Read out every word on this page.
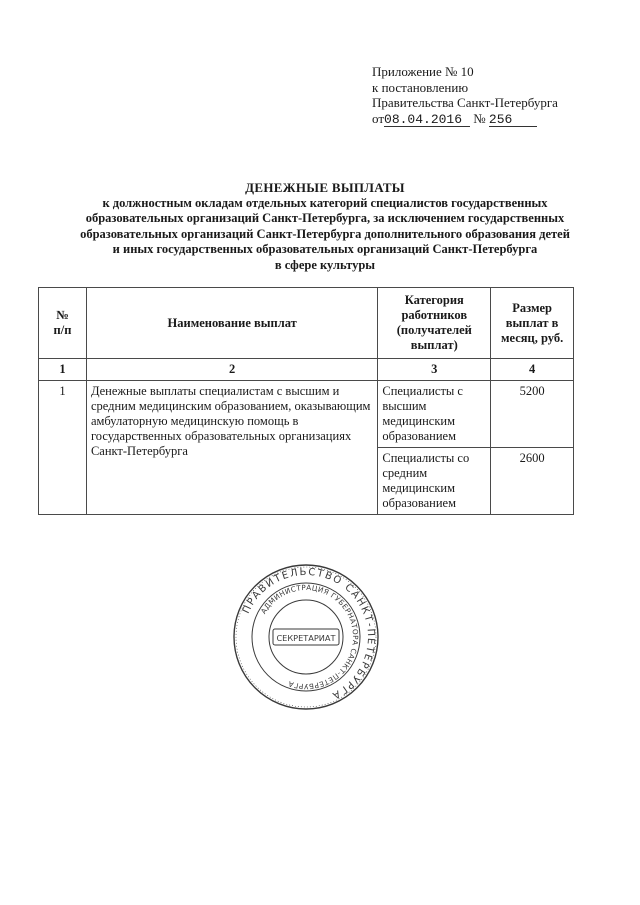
Приложение № 10
к постановлению
Правительства Санкт-Петербурга
от08.04.2016 № 256
ДЕНЕЖНЫЕ ВЫПЛАТЫ
к должностным окладам отдельных категорий специалистов государственных
образовательных организаций Санкт-Петербурга, за исключением государственных
образовательных организаций Санкт-Петербурга дополнительного образования детей
и иных государственных образовательных организаций Санкт-Петербурга
в сфере культуры
№
п/п	Наименование выплат	Категория работников (получателей выплат)	Размер выплат в месяц, руб.
1	2	3	4
1	Денежные выплаты специалистам с высшим и средним медицинским образованием, оказывающим амбулаторную медицинскую помощь в государственных образовательных организациях Санкт-Петербурга	Специалисты с высшим медицинским образованием	5200
		Специалисты со средним медицинским образованием	2600
ПРАВИТЕЛЬСТВО САНКТ-ПЕТЕРБУРГА
АДМИНИСТРАЦИЯ ГУБЕРНАТОРА САНКТ-ПЕТЕРБУРГА
СЕКРЕТАРИАТ
